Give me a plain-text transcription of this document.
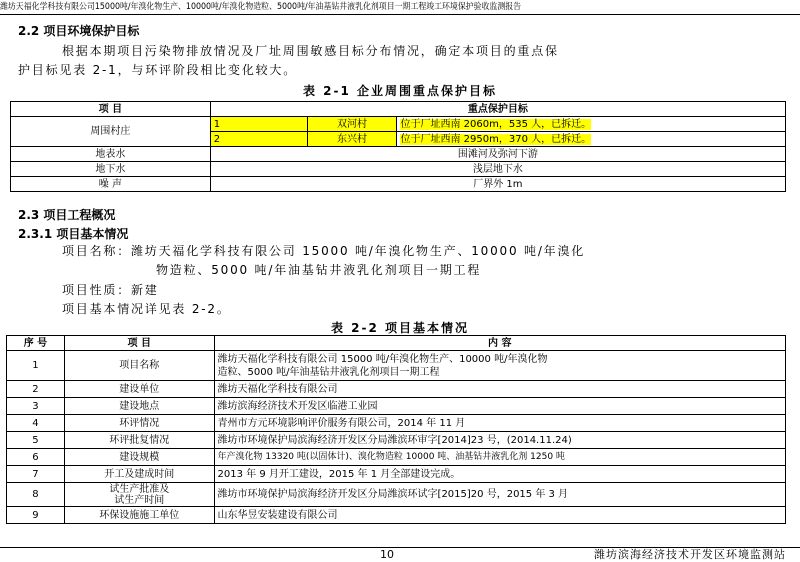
潍坊天福化学科技有限公司15000吨/年溴化物生产、10000吨/年溴化物造粒、5000吨/年油基钻井液乳化剂项目一期工程竣工环境保护验收监测报告
2.2 项目环境保护目标
根据本期项目污染物排放情况及厂址周围敏感目标分布情况，确定本项目的重点保
护目标见表 2-1，与环评阶段相比变化较大。
表 2-1 企业周围重点保护目标
项 目	重点保护目标		
周围村庄	1	双河村	位于厂址西南 2060m，535 人，已拆迁。
	2	东兴村	位于厂址西南 2950m，370 人，已拆迁。
地表水	围滩河及弥河下游		
地下水	浅层地下水		
噪 声	厂界外 1m		
2.3 项目工程概况
2.3.1 项目基本情况
项目名称：潍坊天福化学科技有限公司 15000 吨/年溴化物生产、10000 吨/年溴化
物造粒、5000 吨/年油基钻井液乳化剂项目一期工程
项目性质：新建
项目基本情况详见表 2-2。
表 2-2 项目基本情况
序 号	项 目	内 容
1	项目名称	潍坊天福化学科技有限公司 15000 吨/年溴化物生产、10000 吨/年溴化物
造粒、5000 吨/年油基钻井液乳化剂项目一期工程

2	建设单位	潍坊天福化学科技有限公司
3	建设地点	潍坊滨海经济技术开发区临港工业园
4	环评情况	青州市方元环境影响评价服务有限公司，2014 年 11 月
5	环评批复情况	潍坊市环境保护局滨海经济开发区分局潍滨环审字[2014]23 号，(2014.11.24)
6	建设规模	年产溴化物 13320 吨(以固体计)、溴化物造粒 10000 吨、油基钻井液乳化剂 1250 吨
7	开工及建成时间	2013 年 9 月开工建设，2015 年 1 月全部建设完成。
8	试生产批准及
试生产时间	潍坊市环境保护局滨海经济开发区分局潍滨环试字[2015]20 号，2015 年 3 月
9	环保设施施工单位	山东华昱安装建设有限公司
10	潍坊滨海经济技术开发区环境监测站
